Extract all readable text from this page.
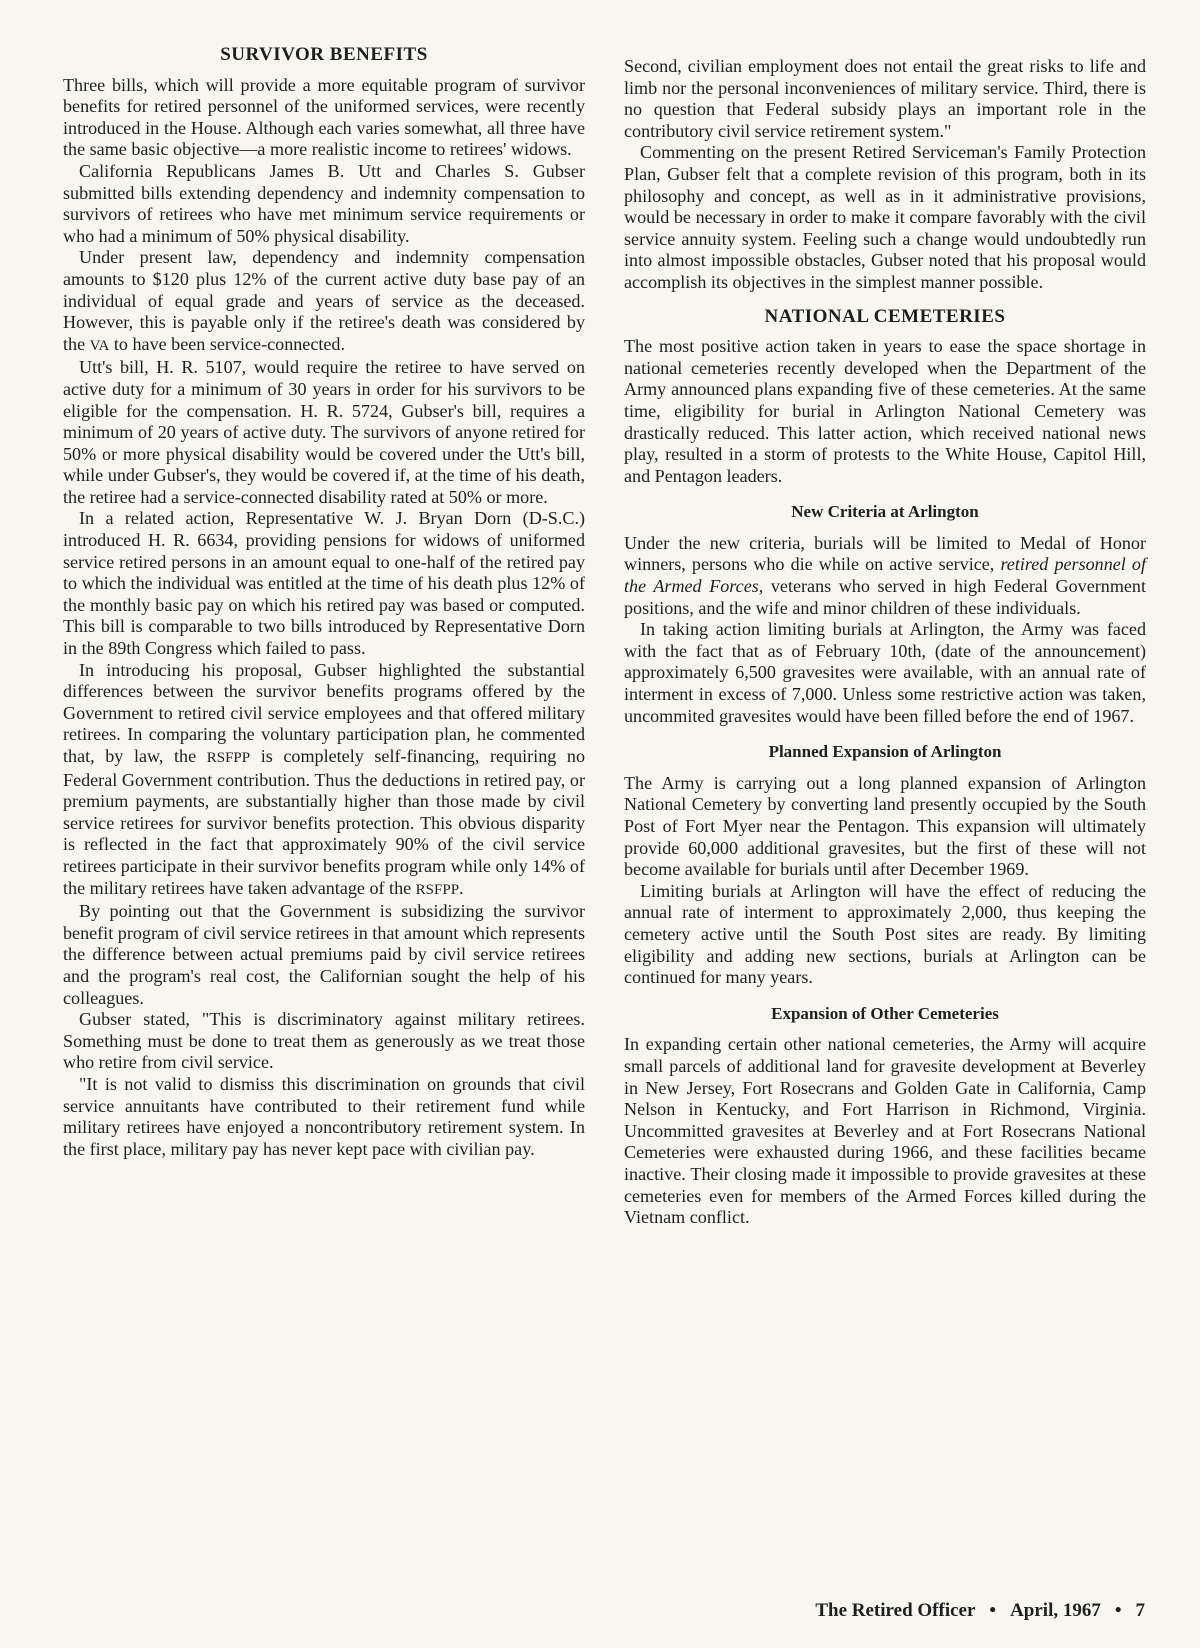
SURVIVOR BENEFITS

Three bills, which will provide a more equitable program of survivor benefits for retired personnel of the uniformed services, were recently introduced in the House. Although each varies somewhat, all three have the same basic objective—a more realistic income to retirees' widows.

California Republicans James B. Utt and Charles S. Gubser submitted bills extending dependency and indemnity compensation to survivors of retirees who have met minimum service requirements or who had a minimum of 50% physical disability.

Under present law, dependency and indemnity compensation amounts to $120 plus 12% of the current active duty base pay of an individual of equal grade and years of service as the deceased. However, this is payable only if the retiree's death was considered by the VA to have been service-connected.

Utt's bill, H. R. 5107, would require the retiree to have served on active duty for a minimum of 30 years in order for his survivors to be eligible for the compensation. H. R. 5724, Gubser's bill, requires a minimum of 20 years of active duty. The survivors of anyone retired for 50% or more physical disability would be covered under the Utt's bill, while under Gubser's, they would be covered if, at the time of his death, the retiree had a service-connected disability rated at 50% or more.

In a related action, Representative W. J. Bryan Dorn (D-S.C.) introduced H. R. 6634, providing pensions for widows of uniformed service retired persons in an amount equal to one-half of the retired pay to which the individual was entitled at the time of his death plus 12% of the monthly basic pay on which his retired pay was based or computed. This bill is comparable to two bills introduced by Representative Dorn in the 89th Congress which failed to pass.

In introducing his proposal, Gubser highlighted the substantial differences between the survivor benefits programs offered by the Government to retired civil service employees and that offered military retirees. In comparing the voluntary participation plan, he commented that, by law, the RSFPP is completely self-financing, requiring no Federal Government contribution. Thus the deductions in retired pay, or premium payments, are substantially higher than those made by civil service retirees for survivor benefits protection. This obvious disparity is reflected in the fact that approximately 90% of the civil service retirees participate in their survivor benefits program while only 14% of the military retirees have taken advantage of the RSFPP.

By pointing out that the Government is subsidizing the survivor benefit program of civil service retirees in that amount which represents the difference between actual premiums paid by civil service retirees and the program's real cost, the Californian sought the help of his colleagues.

Gubser stated, "This is discriminatory against military retirees. Something must be done to treat them as generously as we treat those who retire from civil service.

"It is not valid to dismiss this discrimination on grounds that civil service annuitants have contributed to their retirement fund while military retirees have enjoyed a noncontributory retirement system. In the first place, military pay has never kept pace with civilian pay.

Second, civilian employment does not entail the great risks to life and limb nor the personal inconveniences of military service. Third, there is no question that Federal subsidy plays an important role in the contributory civil service retirement system."

Commenting on the present Retired Serviceman's Family Protection Plan, Gubser felt that a complete revision of this program, both in its philosophy and concept, as well as in it administrative provisions, would be necessary in order to make it compare favorably with the civil service annuity system. Feeling such a change would undoubtedly run into almost impossible obstacles, Gubser noted that his proposal would accomplish its objectives in the simplest manner possible.

NATIONAL CEMETERIES

The most positive action taken in years to ease the space shortage in national cemeteries recently developed when the Department of the Army announced plans expanding five of these cemeteries. At the same time, eligibility for burial in Arlington National Cemetery was drastically reduced. This latter action, which received national news play, resulted in a storm of protests to the White House, Capitol Hill, and Pentagon leaders.

New Criteria at Arlington

Under the new criteria, burials will be limited to Medal of Honor winners, persons who die while on active service, retired personnel of the Armed Forces, veterans who served in high Federal Government positions, and the wife and minor children of these individuals.

In taking action limiting burials at Arlington, the Army was faced with the fact that as of February 10th, (date of the announcement) approximately 6,500 gravesites were available, with an annual rate of interment in excess of 7,000. Unless some restrictive action was taken, uncommited gravesites would have been filled before the end of 1967.

Planned Expansion of Arlington

The Army is carrying out a long planned expansion of Arlington National Cemetery by converting land presently occupied by the South Post of Fort Myer near the Pentagon. This expansion will ultimately provide 60,000 additional gravesites, but the first of these will not become available for burials until after December 1969.

Limiting burials at Arlington will have the effect of reducing the annual rate of interment to approximately 2,000, thus keeping the cemetery active until the South Post sites are ready. By limiting eligibility and adding new sections, burials at Arlington can be continued for many years.

Expansion of Other Cemeteries

In expanding certain other national cemeteries, the Army will acquire small parcels of additional land for gravesite development at Beverley in New Jersey, Fort Rosecrans and Golden Gate in California, Camp Nelson in Kentucky, and Fort Harrison in Richmond, Virginia. Uncommitted gravesites at Beverley and at Fort Rosecrans National Cemeteries were exhausted during 1966, and these facilities became inactive. Their closing made it impossible to provide gravesites at these cemeteries even for members of the Armed Forces killed during the Vietnam conflict.

The Retired Officer • April, 1967 • 7
